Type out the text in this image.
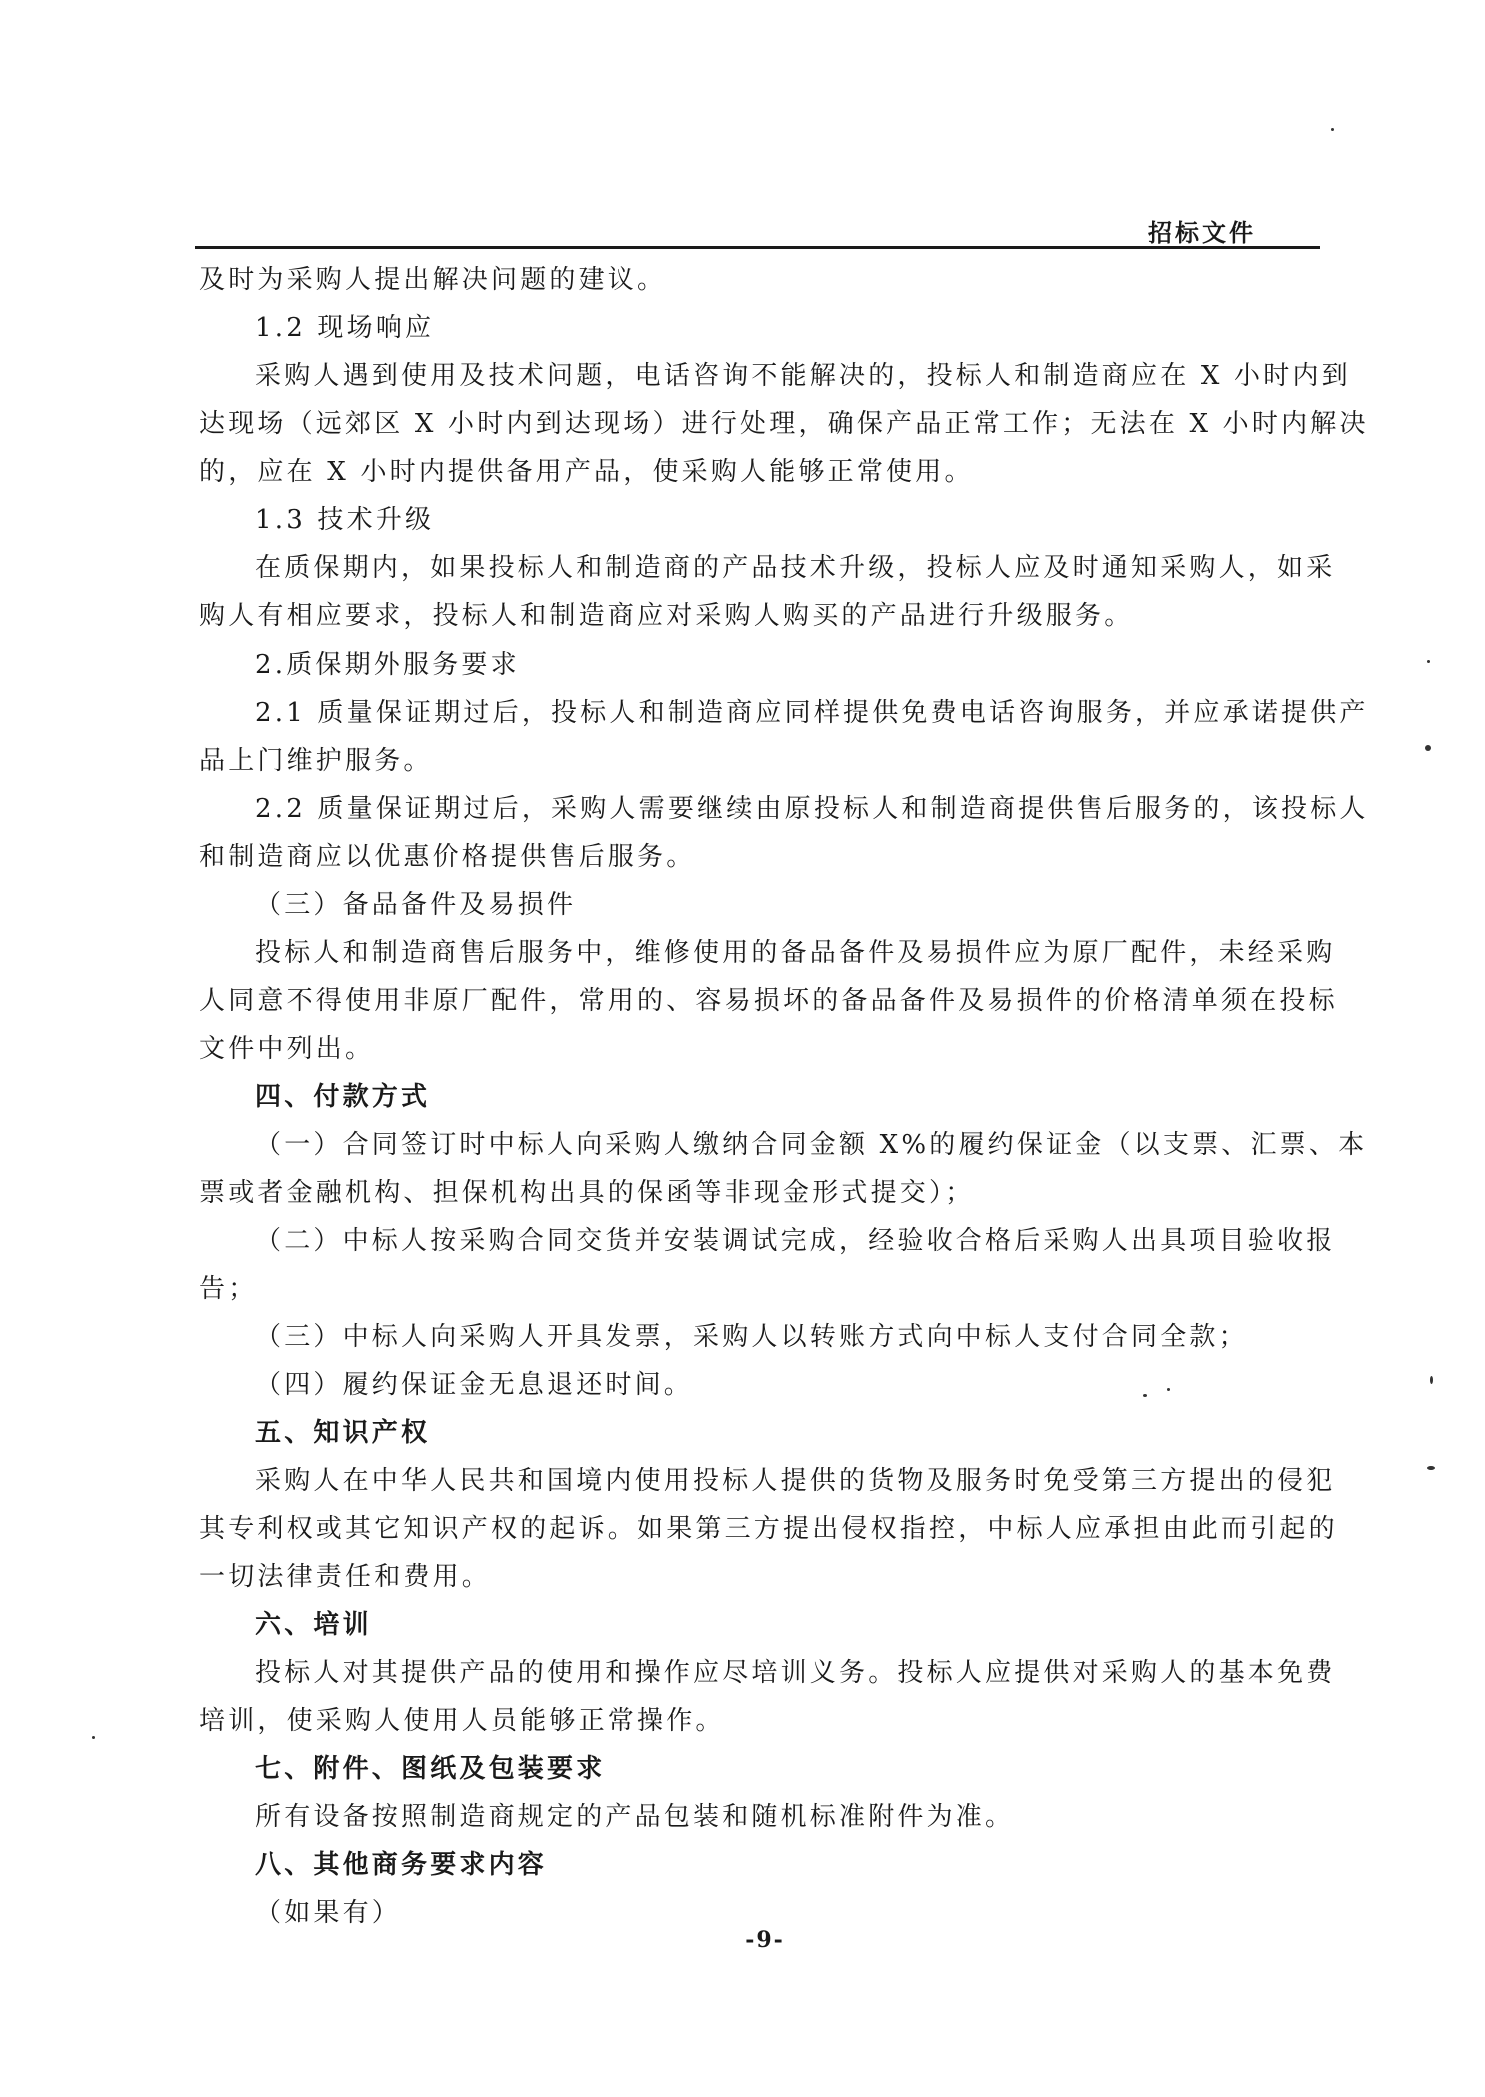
招标文件
及时为采购人提出解决问题的建议。
1.2 现场响应
采购人遇到使用及技术问题，电话咨询不能解决的，投标人和制造商应在 X 小时内到
达现场（远郊区 X 小时内到达现场）进行处理，确保产品正常工作；无法在 X 小时内解决
的，应在 X 小时内提供备用产品，使采购人能够正常使用。
1.3 技术升级
在质保期内，如果投标人和制造商的产品技术升级，投标人应及时通知采购人，如采
购人有相应要求，投标人和制造商应对采购人购买的产品进行升级服务。
2.质保期外服务要求
2.1 质量保证期过后，投标人和制造商应同样提供免费电话咨询服务，并应承诺提供产
品上门维护服务。
2.2 质量保证期过后，采购人需要继续由原投标人和制造商提供售后服务的，该投标人
和制造商应以优惠价格提供售后服务。
（三）备品备件及易损件
投标人和制造商售后服务中，维修使用的备品备件及易损件应为原厂配件，未经采购
人同意不得使用非原厂配件，常用的、容易损坏的备品备件及易损件的价格清单须在投标
文件中列出。
四、付款方式
（一）合同签订时中标人向采购人缴纳合同金额 X%的履约保证金（以支票、汇票、本
票或者金融机构、担保机构出具的保函等非现金形式提交）；
（二）中标人按采购合同交货并安装调试完成，经验收合格后采购人出具项目验收报
告；
（三）中标人向采购人开具发票，采购人以转账方式向中标人支付合同全款；
（四）履约保证金无息退还时间。
五、知识产权
采购人在中华人民共和国境内使用投标人提供的货物及服务时免受第三方提出的侵犯
其专利权或其它知识产权的起诉。如果第三方提出侵权指控，中标人应承担由此而引起的
一切法律责任和费用。
六、培训
投标人对其提供产品的使用和操作应尽培训义务。投标人应提供对采购人的基本免费
培训，使采购人使用人员能够正常操作。
七、附件、图纸及包装要求
所有设备按照制造商规定的产品包装和随机标准附件为准。
八、其他商务要求内容
（如果有）
-9-
